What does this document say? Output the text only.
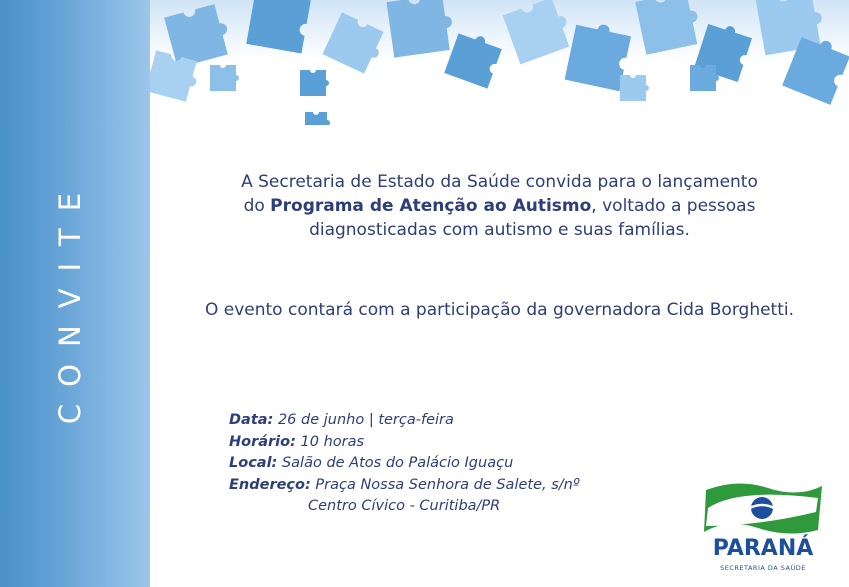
CONVITE	A Secretaria de Estado da Saúde convida para o lançamento
do Programa de Atenção ao Autismo, voltado a pessoas
diagnosticadas com autismo e suas famílias.
O evento contará com a participação da governadora Cida Borghetti.
Data: 26 de junho | terça-feira
Horário: 10 horas
Local: Salão de Atos do Palácio Iguaçu
Endereço: Praça Nossa Senhora de Salete, s/nº
Centro Cívico - Curitiba/PR
PARANÁ
SECRETARIA DA SAÚDE
